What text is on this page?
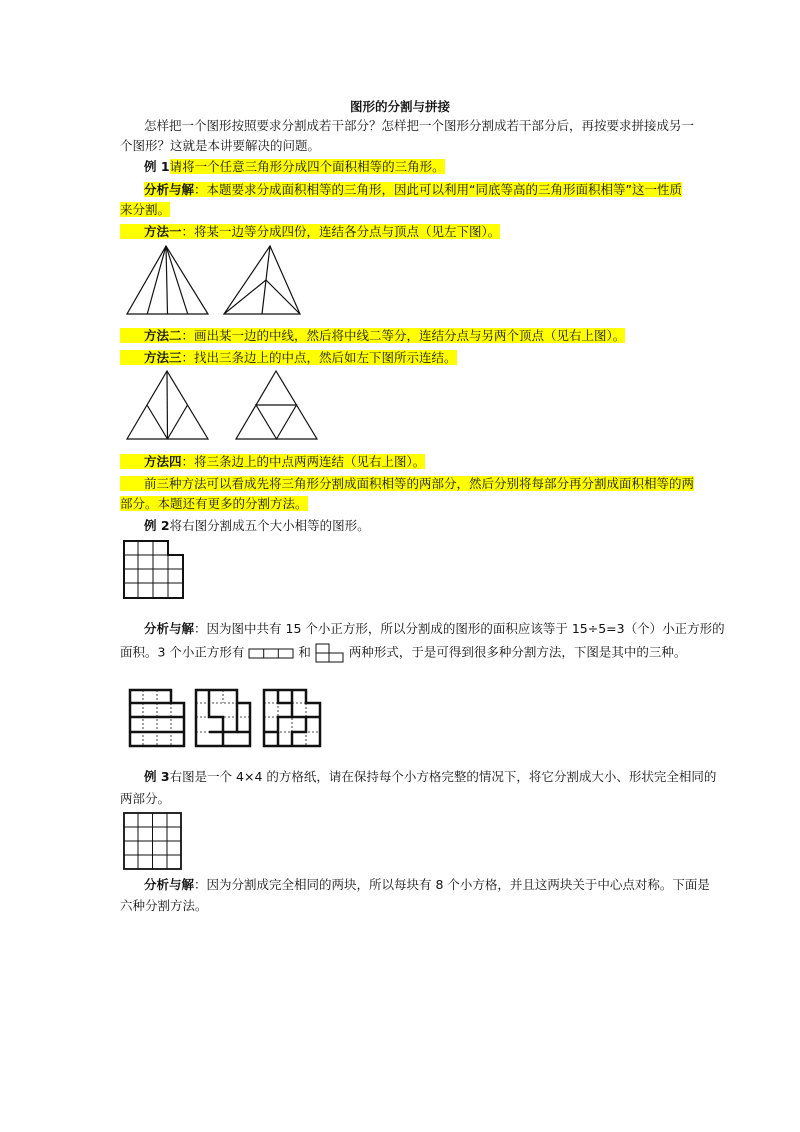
图形的分割与拼接
怎样把一个图形按照要求分割成若干部分？怎样把一个图形分割成若干部分后，再按要求拼接成另一
个图形？这就是本讲要解决的问题。
例 1请将一个任意三角形分成四个面积相等的三角形。
分析与解：本题要求分成面积相等的三角形，因此可以利用“同底等高的三角形面积相等”这一性质
来分割。
方法一：将某一边等分成四份，连结各分点与顶点（见左下图）。
方法二：画出某一边的中线，然后将中线二等分，连结分点与另两个顶点（见右上图）。
方法三：找出三条边上的中点，然后如左下图所示连结。
方法四：将三条边上的中点两两连结（见右上图）。
前三种方法可以看成先将三角形分割成面积相等的两部分，然后分别将每部分再分割成面积相等的两
部分。本题还有更多的分割方法。
例 2将右图分割成五个大小相等的图形。
分析与解：因为图中共有 15 个小正方形，所以分割成的图形的面积应该等于 15÷5=3（个）小正方形的
面积。3 个小正方形有	和	两种形式，于是可得到很多种分割方法，下图是其中的三种。
例 3右图是一个 4×4 的方格纸，请在保持每个小方格完整的情况下，将它分割成大小、形状完全相同的
两部分。
分析与解：因为分割成完全相同的两块，所以每块有 8 个小方格，并且这两块关于中心点对称。下面是
六种分割方法。
